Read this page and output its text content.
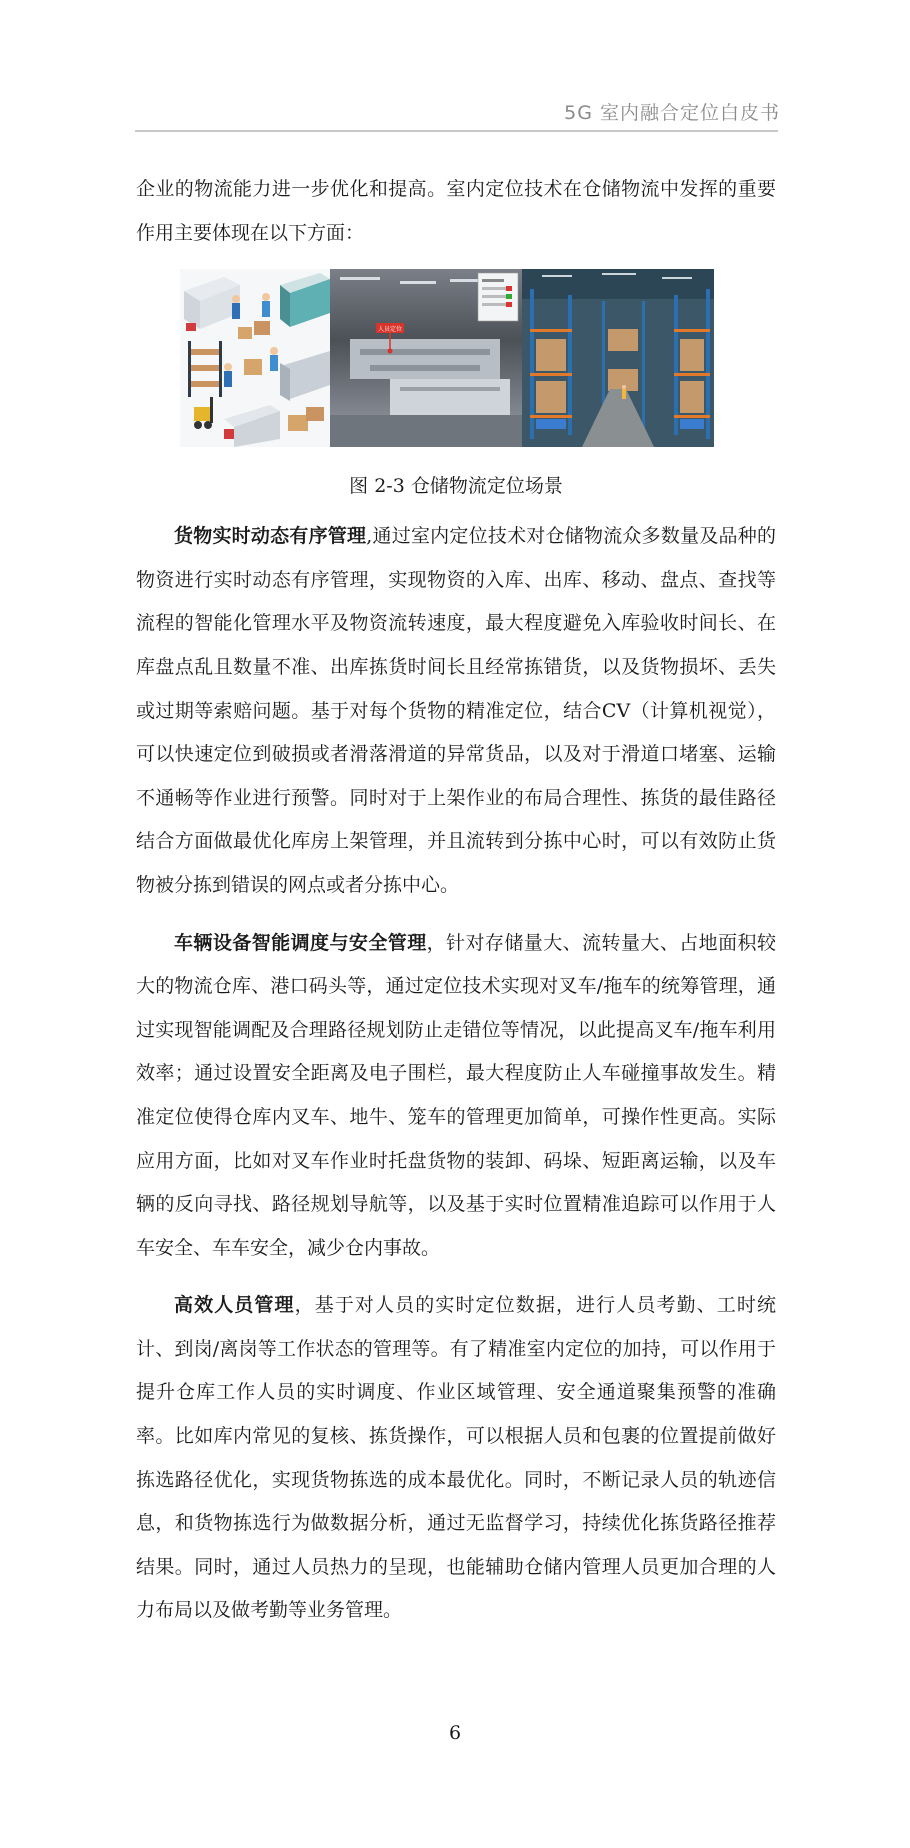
5G 室内融合定位白皮书

企业的物流能力进一步优化和提高。室内定位技术在仓储物流中发挥的重要作用主要体现在以下方面：

人员定位
图 2-3 仓储物流定位场景

货物实时动态有序管理,通过室内定位技术对仓储物流众多数量及品种的物资进行实时动态有序管理，实现物资的入库、出库、移动、盘点、查找等流程的智能化管理水平及物资流转速度，最大程度避免入库验收时间长、在库盘点乱且数量不准、出库拣货时间长且经常拣错货，以及货物损坏、丢失或过期等索赔问题。基于对每个货物的精准定位，结合CV（计算机视觉），可以快速定位到破损或者滑落滑道的异常货品，以及对于滑道口堵塞、运输不通畅等作业进行预警。同时对于上架作业的布局合理性、拣货的最佳路径结合方面做最优化库房上架管理，并且流转到分拣中心时，可以有效防止货物被分拣到错误的网点或者分拣中心。

车辆设备智能调度与安全管理，针对存储量大、流转量大、占地面积较大的物流仓库、港口码头等，通过定位技术实现对叉车/拖车的统筹管理，通过实现智能调配及合理路径规划防止走错位等情况，以此提高叉车/拖车利用效率；通过设置安全距离及电子围栏，最大程度防止人车碰撞事故发生。精准定位使得仓库内叉车、地牛、笼车的管理更加简单，可操作性更高。实际应用方面，比如对叉车作业时托盘货物的装卸、码垛、短距离运输，以及车辆的反向寻找、路径规划导航等，以及基于实时位置精准追踪可以作用于人车安全、车车安全，减少仓内事故。

高效人员管理，基于对人员的实时定位数据，进行人员考勤、工时统计、到岗/离岗等工作状态的管理等。有了精准室内定位的加持，可以作用于提升仓库工作人员的实时调度、作业区域管理、安全通道聚集预警的准确率。比如库内常见的复核、拣货操作，可以根据人员和包裹的位置提前做好拣选路径优化，实现货物拣选的成本最优化。同时，不断记录人员的轨迹信息，和货物拣选行为做数据分析，通过无监督学习，持续优化拣货路径推荐结果。同时，通过人员热力的呈现，也能辅助仓储内管理人员更加合理的人力布局以及做考勤等业务管理。

6
